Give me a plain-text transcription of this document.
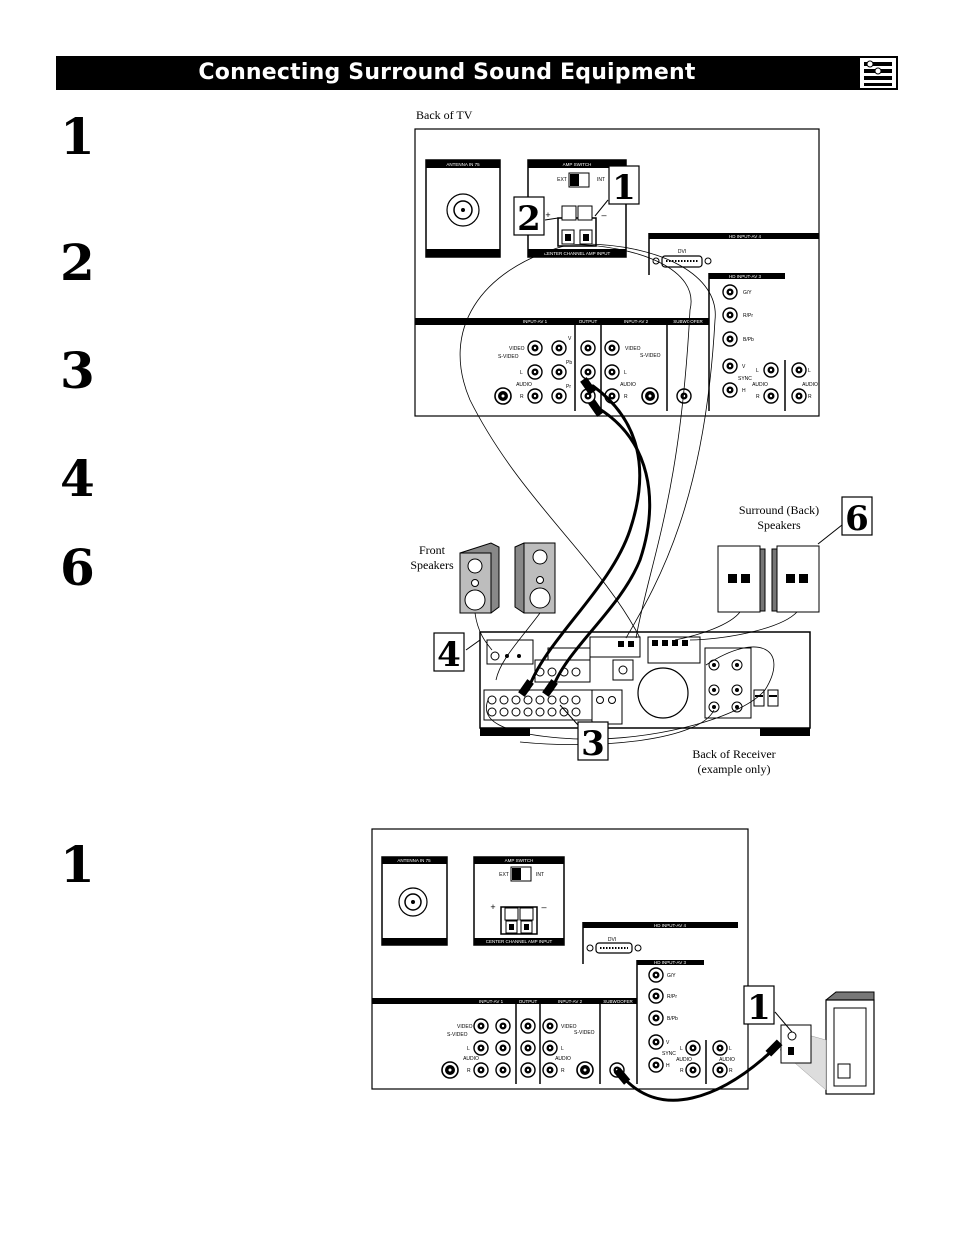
Connecting Surround Sound Equipment
1
2
3
4
6
1
Back of TV
Front
Speakers
Surround (Back)
Speakers
Back of Receiver
(example only)
ANTENNA IN 75	AMP SWITCH
CENTER CHANNEL AMP INPUT
EXT	INT
+	–
HD INPUT-AV 4
DVI
HD INPUT-AV 3
G/Y
R/Pr
B/Pb
V
H
SYNC
L
R
AUDIO
L
R
AUDIO
INPUT-AV 1	OUTPUT	INPUT-AV 2	SUBWOOFER
VIDEO
S-VIDEO
L
R
AUDIO
V
Pb
Pr
VIDEO
S-VIDEO
L
R
AUDIO
1
2
6
4
3
ANTENNA IN 75	AMP SWITCH
CENTER CHANNEL AMP INPUT
EXT	INT
+	–
HD INPUT-AV 4
DVI
HD INPUT-AV 3
G/Y
R/Pr
B/Pb
V
H
SYNC
L
R
AUDIO
L
R
AUDIO
INPUT-AV 1	OUTPUT	INPUT-AV 2	SUBWOOFER
VIDEO
S-VIDEO
L
R
AUDIO
VIDEO
S-VIDEO
L
R
AUDIO
1
